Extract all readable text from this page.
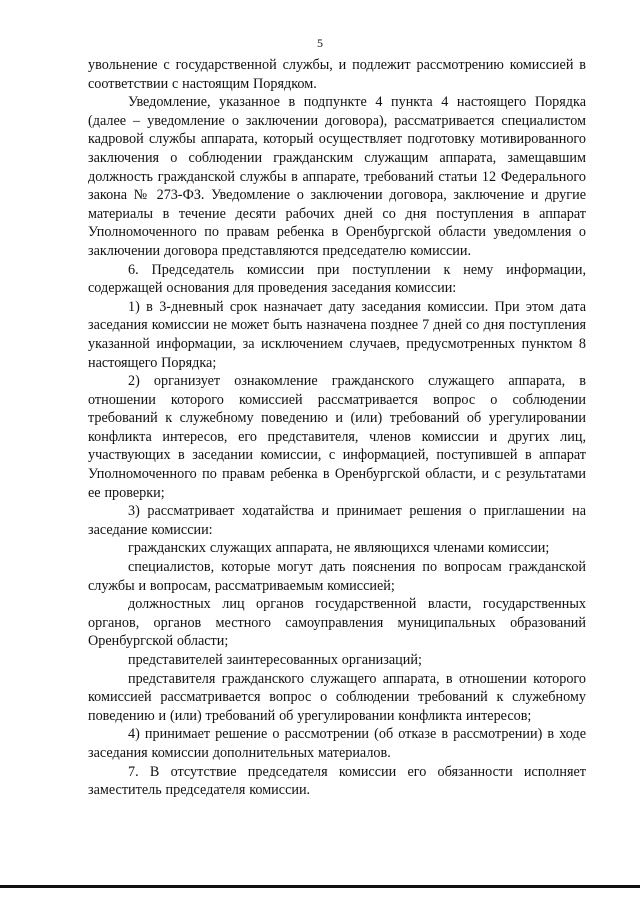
5

увольнение с государственной службы, и подлежит рассмотрению комиссией в соответствии с настоящим Порядком.

Уведомление, указанное в подпункте 4 пункта 4 настоящего Порядка (далее – уведомление о заключении договора), рассматривается специалистом кадровой службы аппарата, который осуществляет подготовку мотивированного заключения о соблюдении гражданским служащим аппарата, замещавшим должность гражданской службы в аппарате, требований статьи 12 Федерального закона № 273-ФЗ. Уведомление о заключении договора, заключение и другие материалы в течение десяти рабочих дней со дня поступления в аппарат Уполномоченного по правам ребенка в Оренбургской области уведомления о заключении договора представляются председателю комиссии.

6. Председатель комиссии при поступлении к нему информации, содержащей основания для проведения заседания комиссии:

1) в 3-дневный срок назначает дату заседания комиссии. При этом дата заседания комиссии не может быть назначена позднее 7 дней со дня поступления указанной информации, за исключением случаев, предусмотренных пунктом 8 настоящего Порядка;

2) организует ознакомление гражданского служащего аппарата, в отношении которого комиссией рассматривается вопрос о соблюдении требований к служебному поведению и (или) требований об урегулировании конфликта интересов, его представителя, членов комиссии и других лиц, участвующих в заседании комиссии, с информацией, поступившей в аппарат Уполномоченного по правам ребенка в Оренбургской области, и с результатами ее проверки;

3) рассматривает ходатайства и принимает решения о приглашении на заседание комиссии:

гражданских служащих аппарата, не являющихся членами комиссии;

специалистов, которые могут дать пояснения по вопросам гражданской службы и вопросам, рассматриваемым комиссией;

должностных лиц органов государственной власти, государственных органов, органов местного самоуправления муниципальных образований Оренбургской области;

представителей заинтересованных организаций;

представителя гражданского служащего аппарата, в отношении которого комиссией рассматривается вопрос о соблюдении требований к служебному поведению и (или) требований об урегулировании конфликта интересов;

4) принимает решение о рассмотрении (об отказе в рассмотрении) в ходе заседания комиссии дополнительных материалов.

7. В отсутствие председателя комиссии его обязанности исполняет заместитель председателя комиссии.
